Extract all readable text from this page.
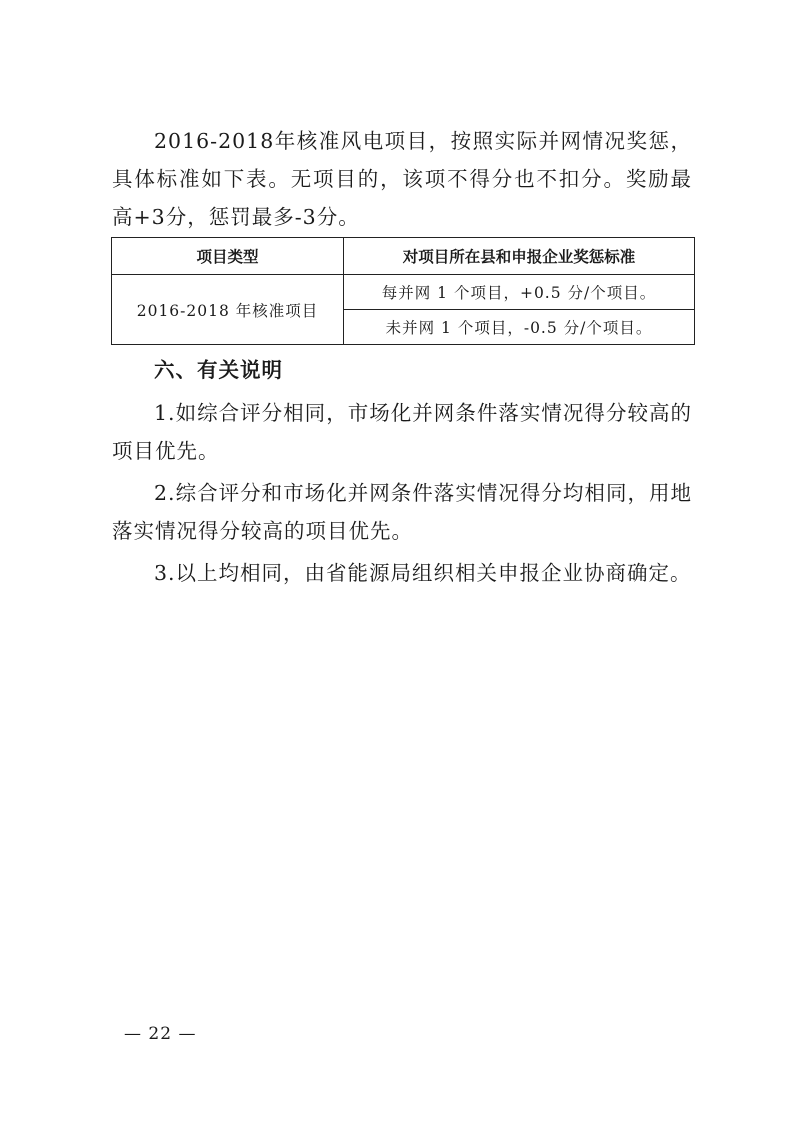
2016-2018年核准风电项目，按照实际并网情况奖惩，具体标准如下表。无项目的，该项不得分也不扣分。奖励最高+3分，惩罚最多-3分。

项目类型	对项目所在县和申报企业奖惩标准
2016-2018 年核准项目	每并网 1 个项目，+0.5 分/个项目。
	未并网 1 个项目，-0.5 分/个项目。

六、有关说明

1.如综合评分相同，市场化并网条件落实情况得分较高的项目优先。

2.综合评分和市场化并网条件落实情况得分均相同，用地落实情况得分较高的项目优先。

3.以上均相同，由省能源局组织相关申报企业协商确定。

— 22 —
